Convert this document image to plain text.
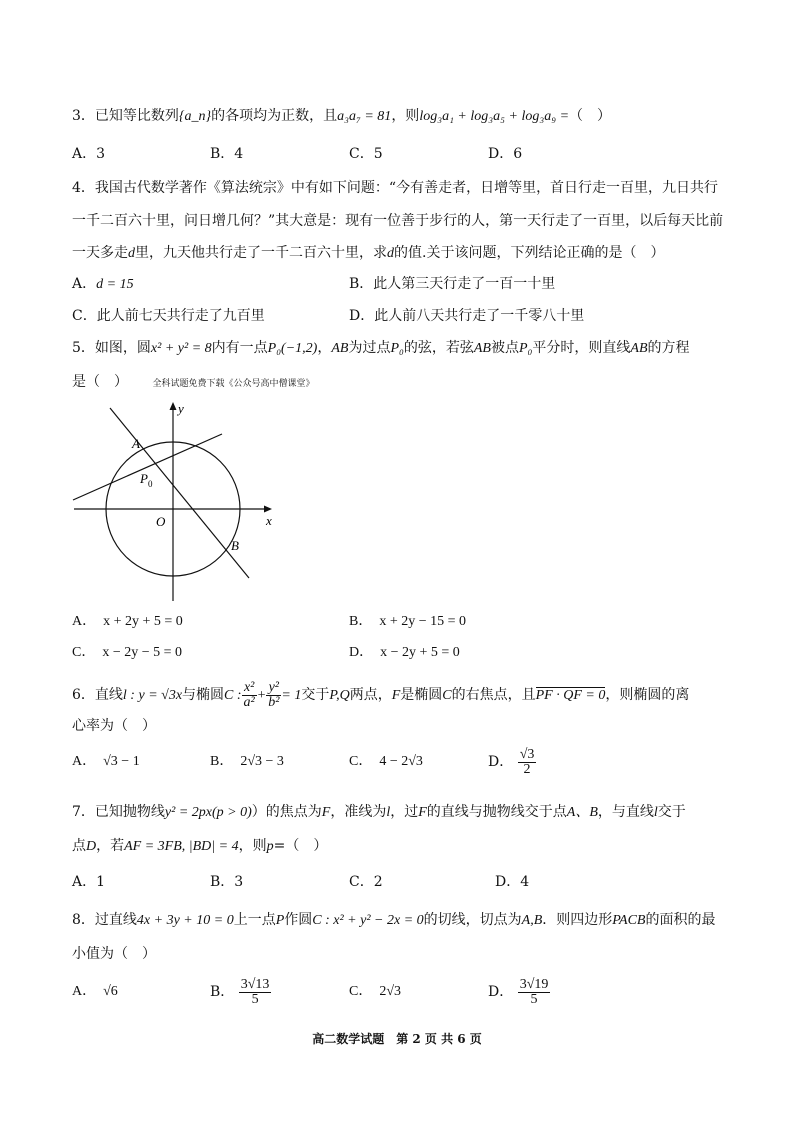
3．已知等比数列{a_n}的各项均为正数，且a₃a₇ = 81，则log₃a₁ + log₃a₅ + log₃a₉ =（　）
A．3	B．4	C．5	D．6
4．我国古代数学著作《算法统宗》中有如下问题：“今有善走者，日增等里，首日行走一百里，九日共行
一千二百六十里，问日增几何？”其大意是：现有一位善于步行的人，第一天行走了一百里，以后每天比前
一天多走d里，九天他共行走了一千二百六十里，求d的值.关于该问题，下列结论正确的是（　）
A．d = 15	B．此人第三天行走了一百一十里
C．此人前七天共行走了九百里	D．此人前八天共行走了一千零八十里
5．如图，圆x² + y² = 8内有一点P₀(−1,2)，AB为过点P₀的弦，若弦AB被点P₀平分时，则直线AB的方程
是（　）	全科试题免费下载《公众号高中僧课堂》
y
x
A
B
P 0
O
A．　x + 2y + 5 = 0	B．　x + 2y − 15 = 0
C．　x − 2y − 5 = 0	D．　x − 2y + 5 = 0
6．直线l : y = √3x与椭圆C : $\frac{\text{x²}}{\text{a²}} + \frac{\text{y²}}{\text{b²}} = 1$交于P,Q两点，F是椭圆C的右焦点，且PF · QF = 0，则椭圆的离
心率为（　）
A．　√3 − 1	B．　2√3 − 3	C．　4 − 2√3	D． $\frac{√3}{2}$
7．已知抛物线y² = 2px(p > 0)）的焦点为F，准线为l，过F的直线与抛物线交于点A、B，与直线l交于
点D，若AF = 3FB, |BD| = 4，则p=（　）
A．1	B．3	C．2	D．4
8．过直线4x + 3y + 10 = 0上一点P作圆C : x² + y² − 2x = 0的切线，切点为A,B．则四边形PACB的面积的最
小值为（　）
A．　√6	B． $\frac{3√13}{5}$	C．　2√3	D． $\frac{3√19}{5}$
高二数学试题　第 2 页 共 6 页
